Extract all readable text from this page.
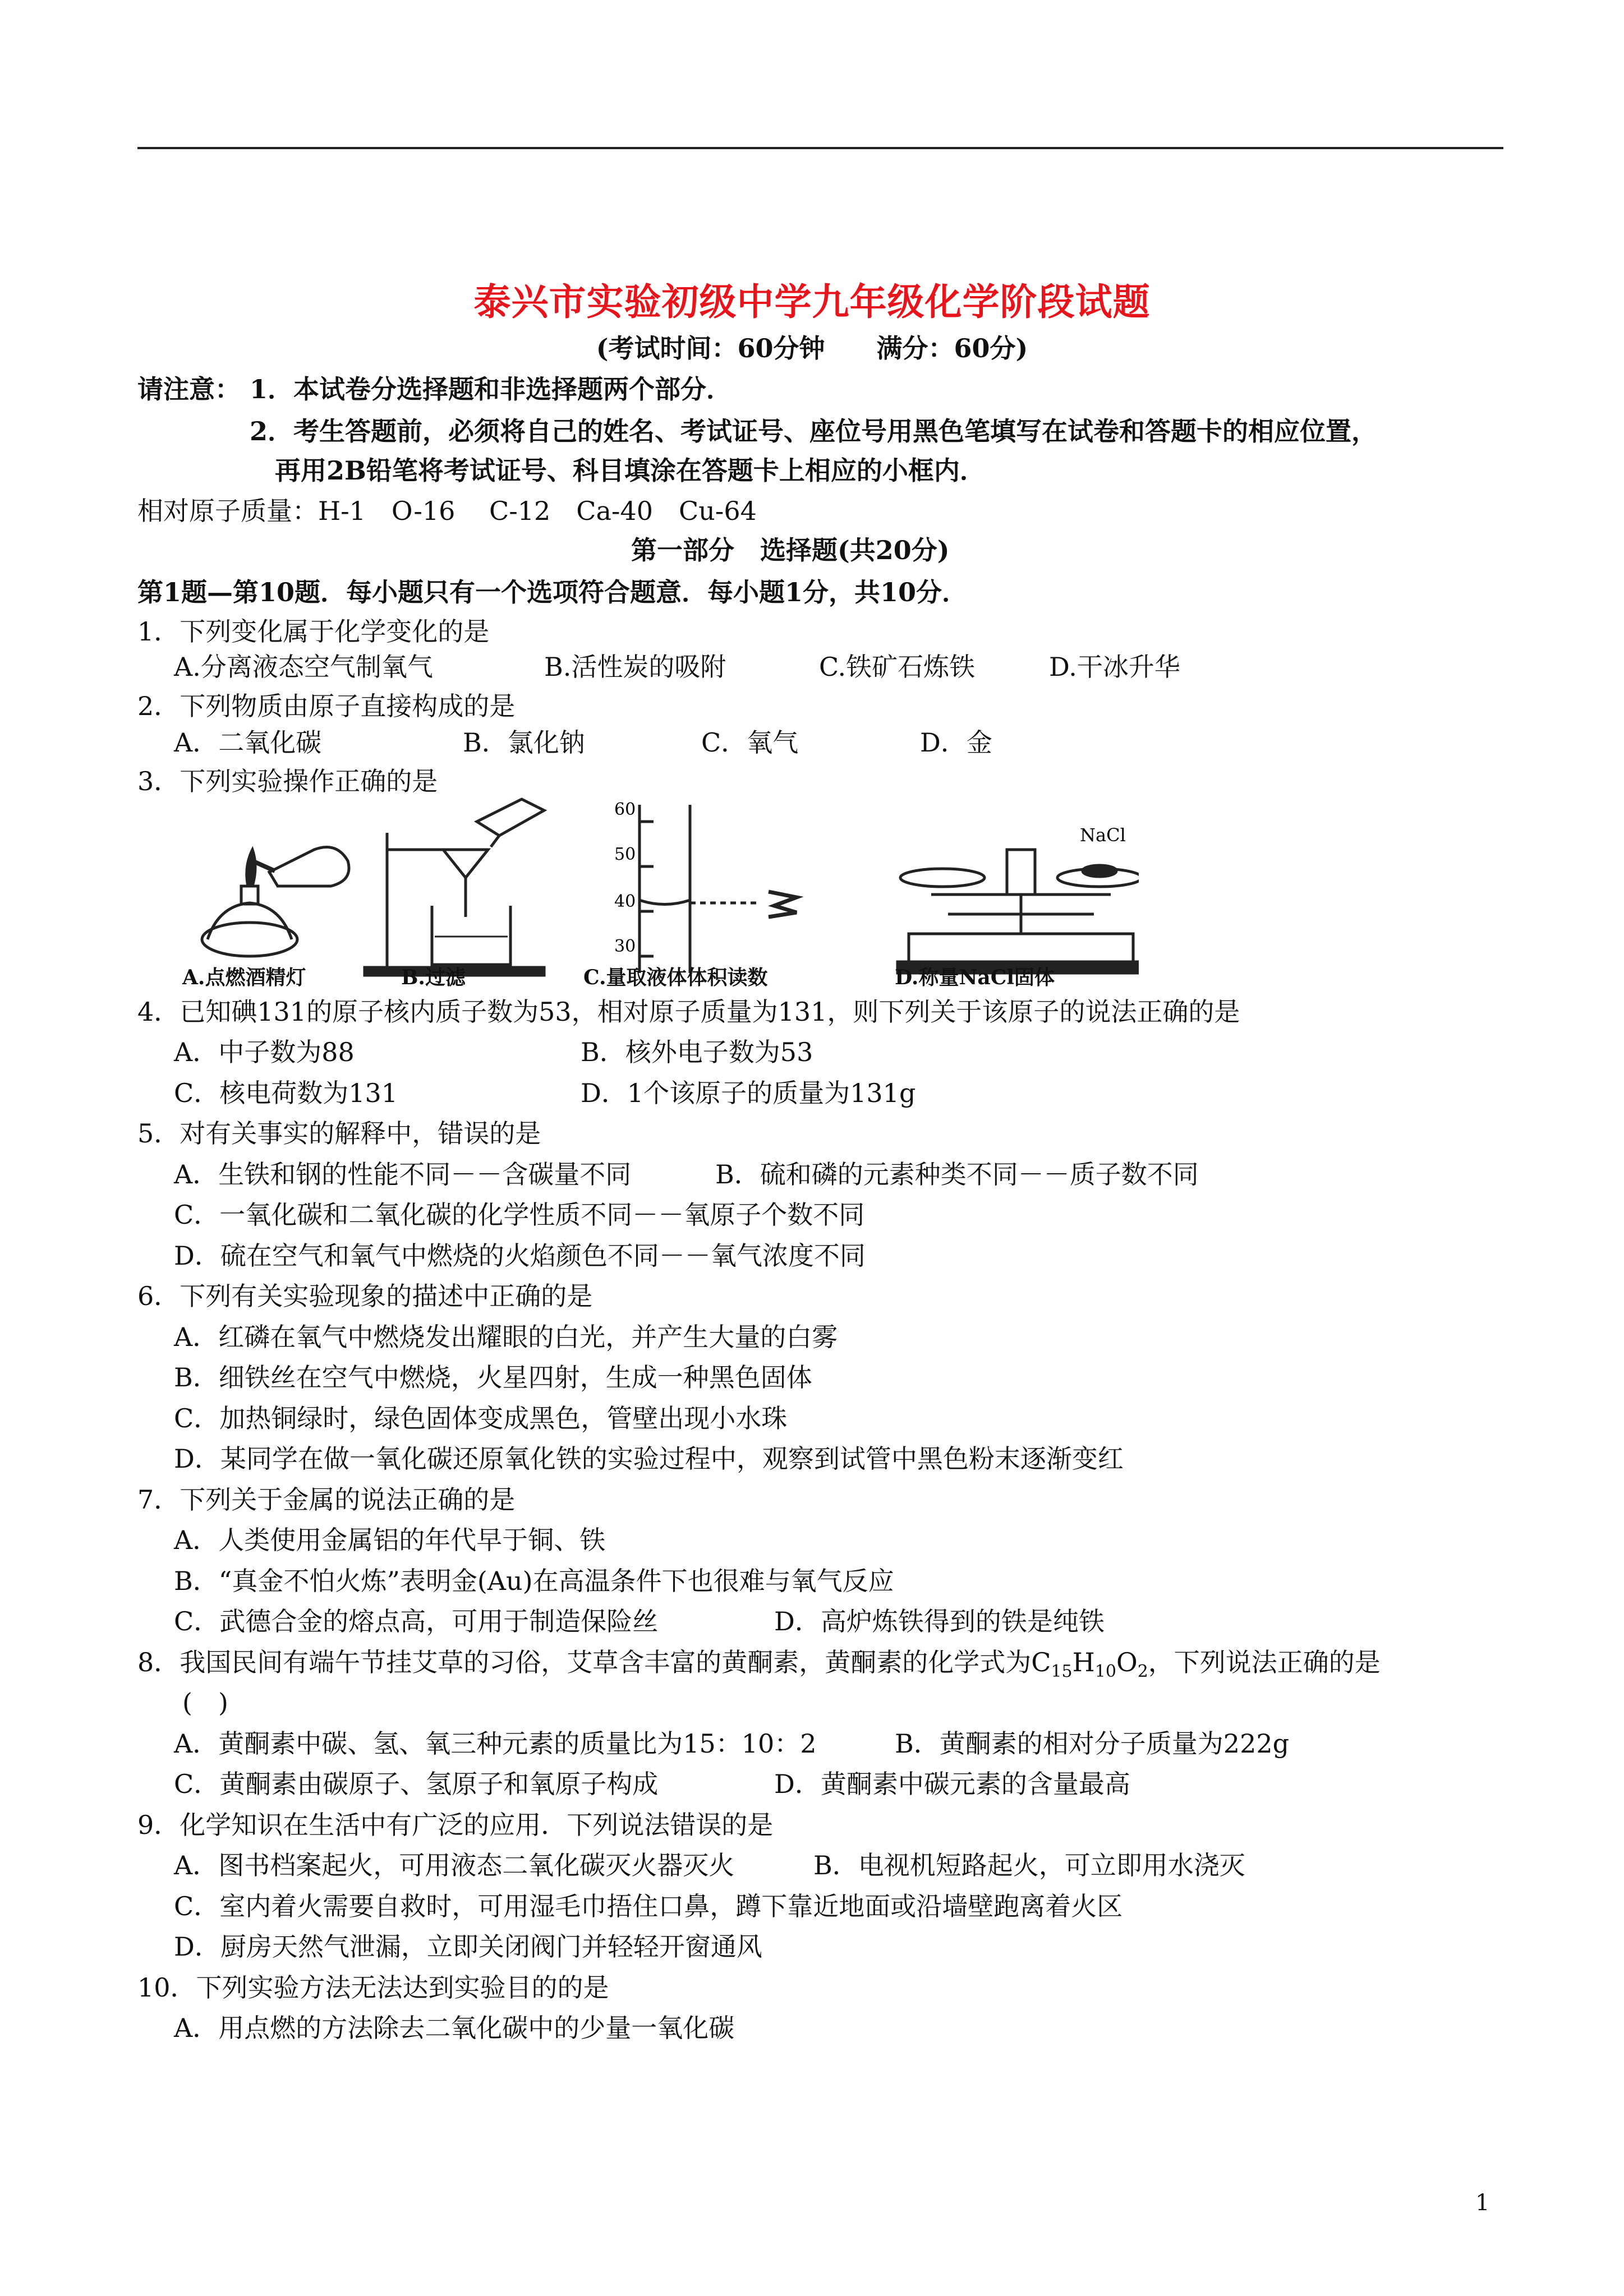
泰兴市实验初级中学九年级化学阶段试题
(考试时间：60分钟　　满分：60分)
请注意： 1．本试卷分选择题和非选择题两个部分．
2．考生答题前，必须将自己的姓名、考试证号、座位号用黑色笔填写在试卷和答题卡的相应位置，
再用2B铅笔将考试证号、科目填涂在答题卡上相应的小框内．
相对原子质量：H-1　O-16　 C-12　Ca-40　Cu-64
第一部分　选择题(共20分)
第1题—第10题．每小题只有一个选项符合题意．每小题1分，共10分．
1．下列变化属于化学变化的是
A.分离液态空气制氧气	B.活性炭的吸附	C.铁矿石炼铁	D.干冰升华
2．下列物质由原子直接构成的是
A．二氧化碳	B．氯化钠	C．氧气	D．金
3．下列实验操作正确的是
60
50
40
30
NaCl
A.点燃酒精灯	B.过滤	C.量取液体体积读数	D.称量NaCl固体
4．已知碘131的原子核内质子数为53，相对原子质量为131，则下列关于该原子的说法正确的是
A．中子数为88	B．核外电子数为53
C．核电荷数为131	D．1个该原子的质量为131g
5．对有关事实的解释中，错误的是
A．生铁和钢的性能不同－－含碳量不同	B．硫和磷的元素种类不同－－质子数不同
C．一氧化碳和二氧化碳的化学性质不同－－氧原子个数不同
D．硫在空气和氧气中燃烧的火焰颜色不同－－氧气浓度不同
6．下列有关实验现象的描述中正确的是
A．红磷在氧气中燃烧发出耀眼的白光，并产生大量的白雾
B．细铁丝在空气中燃烧，火星四射，生成一种黑色固体
C．加热铜绿时，绿色固体变成黑色，管壁出现小水珠
D．某同学在做一氧化碳还原氧化铁的实验过程中，观察到试管中黑色粉末逐渐变红
7．下列关于金属的说法正确的是
A．人类使用金属铝的年代早于铜、铁
B．“真金不怕火炼”表明金(Au)在高温条件下也很难与氧气反应
C．武德合金的熔点高，可用于制造保险丝	D．高炉炼铁得到的铁是纯铁
8．我国民间有端午节挂艾草的习俗，艾草含丰富的黄酮素，黄酮素的化学式为$C_{15}H_{10}O_2$，下列说法正确的是
(　)
A．黄酮素中碳、氢、氧三种元素的质量比为15：10：2	B．黄酮素的相对分子质量为222g
C．黄酮素由碳原子、氢原子和氧原子构成	D．黄酮素中碳元素的含量最高
9．化学知识在生活中有广泛的应用．下列说法错误的是
A．图书档案起火，可用液态二氧化碳灭火器灭火	B．电视机短路起火，可立即用水浇灭
C．室内着火需要自救时，可用湿毛巾捂住口鼻，蹲下靠近地面或沿墙壁跑离着火区
D．厨房天然气泄漏，立即关闭阀门并轻轻开窗通风
10．下列实验方法无法达到实验目的的是
A．用点燃的方法除去二氧化碳中的少量一氧化碳
1
